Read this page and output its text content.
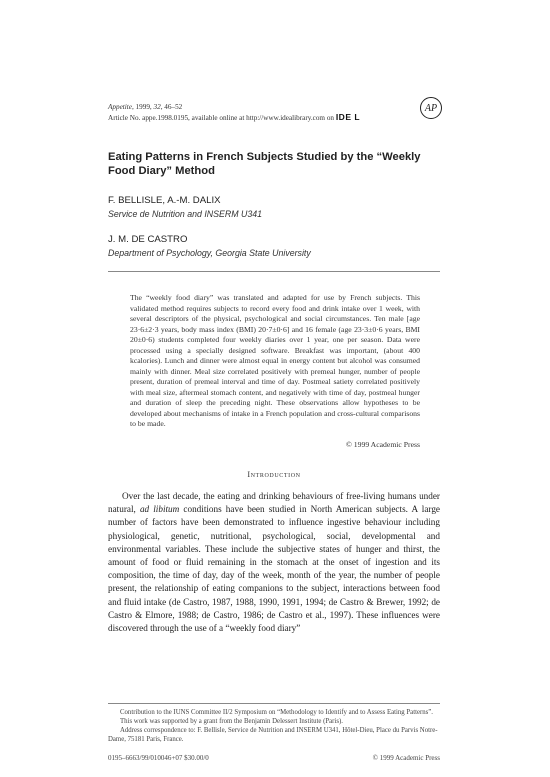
Appetite, 1999, 32, 46–52
Article No. appe.1998.0195, available online at http://www.idealibrary.com on IDE L
AP
Eating Patterns in French Subjects Studied by the “Weekly Food Diary” Method
F. BELLISLE, A.-M. DALIX
Service de Nutrition and INSERM U341
J. M. DE CASTRO
Department of Psychology, Georgia State University
The “weekly food diary” was translated and adapted for use by French subjects. This validated method requires subjects to record every food and drink intake over 1 week, with several descriptors of the physical, psychological and social circumstances. Ten male [age 23·6±2·3 years, body mass index (BMI) 20·7±0·6] and 16 female (age 23·3±0·6 years, BMI 20±0·6) students completed four weekly diaries over 1 year, one per season. Data were processed using a specially designed software. Breakfast was important, (about 400 kcalories). Lunch and dinner were almost equal in energy content but alcohol was consumed mainly with dinner. Meal size correlated positively with premeal hunger, number of people present, duration of premeal interval and time of day. Postmeal satiety correlated positively with meal size, aftermeal stomach content, and negatively with time of day, postmeal hunger and duration of sleep the preceding night. These observations allow hypotheses to be developed about mechanisms of intake in a French population and cross-cultural comparisons to be made.
© 1999 Academic Press
Introduction

Over the last decade, the eating and drinking behaviours of free-living humans under natural, ad libitum conditions have been studied in North American subjects. A large number of factors have been demonstrated to influence ingestive behaviour including physiological, genetic, nutritional, psychological, social, developmental and environmental variables. These include the subjective states of hunger and thirst, the amount of food or fluid remaining in the stomach at the onset of ingestion and its composition, the time of day, day of the week, month of the year, the number of people present, the relationship of eating companions to the subject, interactions between food and fluid intake (de Castro, 1987, 1988, 1990, 1991, 1994; de Castro & Brewer, 1992; de Castro & Elmore, 1988; de Castro, 1986; de Castro et al., 1997). These influences were discovered through the use of a “weekly food diary”

Contribution to the IUNS Committee II/2 Symposium on “Methodology to Identify and to Assess Eating Patterns”.

This work was supported by a grant from the Benjamin Delessert Institute (Paris).

Address correspondence to: F. Bellisle, Service de Nutrition and INSERM U341, Hôtel-Dieu, Place du Parvis Notre-Dame, 75181 Paris, France.

0195–6663/99/010046+07 $30.00/0	© 1999 Academic Press
